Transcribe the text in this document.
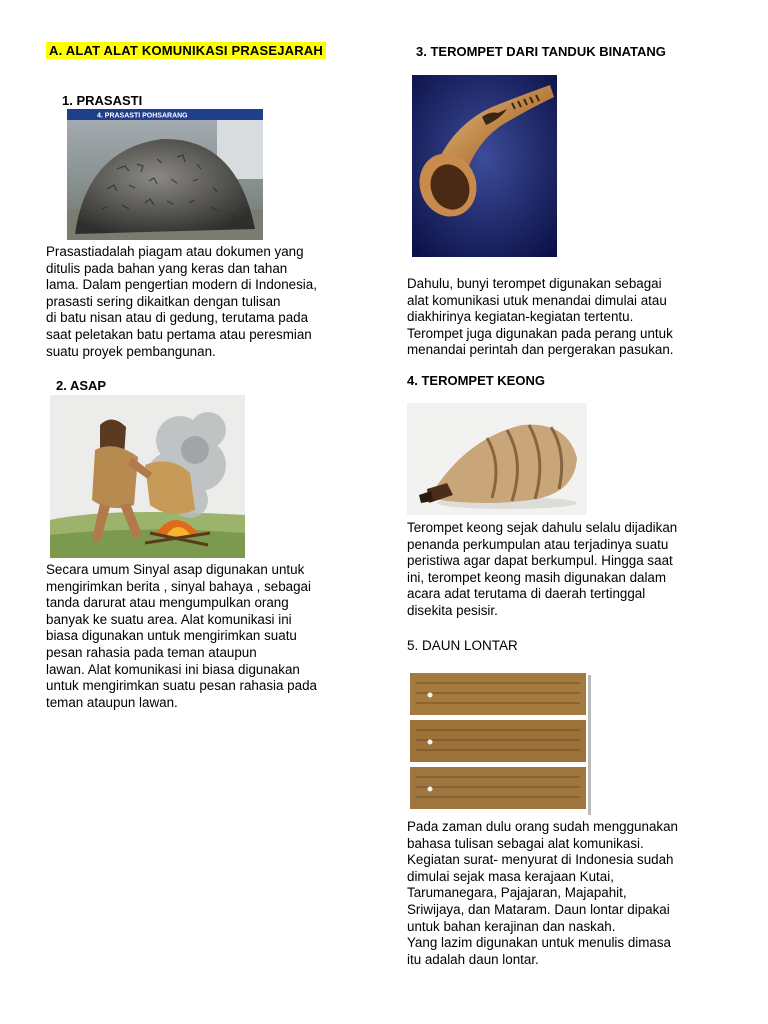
A. ALAT ALAT KOMUNIKASI PRASEJARAH
1. PRASASTI
4. PRASASTI POHSARANG
Prasastiadalah piagam atau dokumen yang
ditulis pada bahan yang keras dan tahan
lama. Dalam pengertian modern di Indonesia,
prasasti sering dikaitkan dengan tulisan
di batu nisan atau di gedung, terutama pada
saat peletakan batu pertama atau peresmian
suatu proyek pembangunan.
2. ASAP
Secara umum Sinyal asap digunakan untuk
mengirimkan berita , sinyal bahaya , sebagai
tanda darurat atau mengumpulkan orang
banyak ke suatu area. Alat komunikasi ini
biasa digunakan untuk mengirimkan suatu
pesan rahasia pada teman ataupun
lawan. Alat komunikasi ini biasa digunakan
untuk mengirimkan suatu pesan rahasia pada
teman ataupun lawan.
3. TEROMPET DARI TANDUK BINATANG
Dahulu, bunyi terompet digunakan sebagai
alat komunikasi utuk menandai dimulai atau
diakhirinya kegiatan-kegiatan tertentu.
Terompet juga digunakan pada perang untuk
menandai perintah dan pergerakan pasukan.
4. TEROMPET KEONG
Terompet keong sejak dahulu selalu dijadikan
penanda perkumpulan atau terjadinya suatu
peristiwa agar dapat berkumpul. Hingga saat
ini, terompet keong masih digunakan dalam
acara adat terutama di daerah tertinggal
disekita pesisir.
5. DAUN LONTAR
Pada zaman dulu orang sudah menggunakan
bahasa tulisan sebagai alat komunikasi.
Kegiatan surat- menyurat di Indonesia sudah
dimulai sejak masa kerajaan Kutai,
Tarumanegara, Pajajaran, Majapahit,
Sriwijaya, dan Mataram. Daun lontar dipakai
untuk bahan kerajinan dan naskah.
Yang lazim digunakan untuk menulis dimasa
itu adalah daun lontar.
